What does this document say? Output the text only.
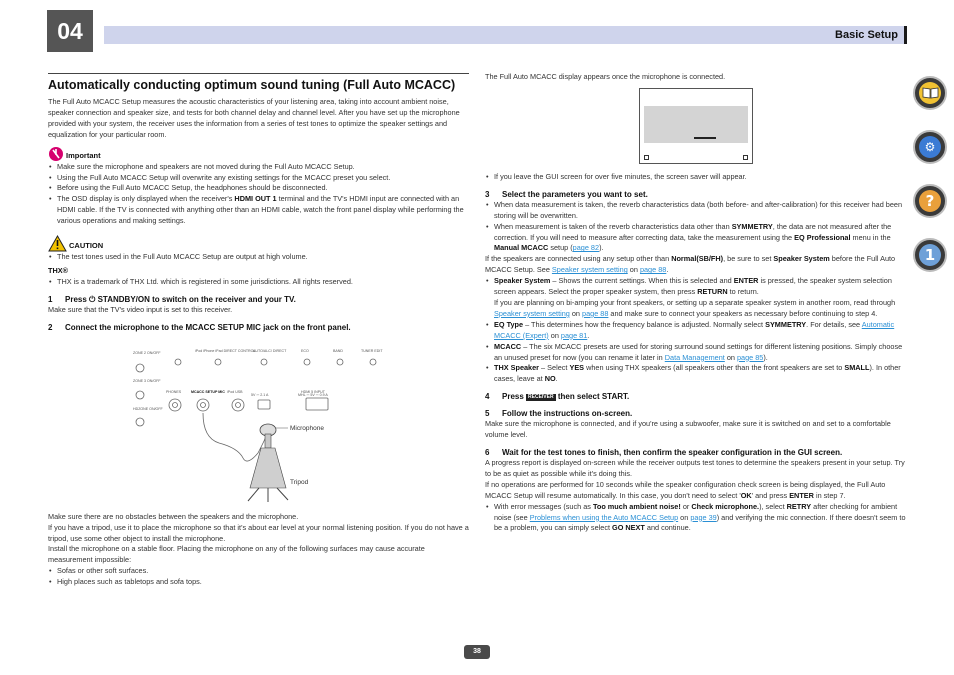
04	Basic Setup
Automatically conducting optimum sound tuning (Full Auto MCACC)

The Full Auto MCACC Setup measures the acoustic characteristics of your listening area, taking into account ambient noise, speaker connection and speaker size, and tests for both channel delay and channel level. After you have set up the microphone provided with your system, the receiver uses the information from a series of test tones to optimize the speaker settings and equalization for your particular room.

Important
• Make sure the microphone and speakers are not moved during the Full Auto MCACC Setup.
• Using the Full Auto MCACC Setup will overwrite any existing settings for the MCACC preset you select.
• Before using the Full Auto MCACC Setup, the headphones should be disconnected.
• The OSD display is only displayed when the receiver's HDMI OUT 1 terminal and the TV's HDMI input are connected with an HDMI cable. If the TV is connected with anything other than an HDMI cable, watch the front panel display while performing the various operations and making settings.
CAUTION
• The test tones used in the Full Auto MCACC Setup are output at high volume.

THX®

• THX is a trademark of THX Ltd. which is registered in some jurisdictions. All rights reserved.
1 Press ⏻ STANDBY/ON to switch on the receiver and your TV.

Make sure that the TV's video input is set to this receiver.

2 Connect the microphone to the MCACC SETUP MIC jack on the front panel.
ZONE 2 ON/OFF
ZONE 3 ON/OFF
HDZONE ON/OFF
iPod iPhone iPad DIRECT CONTROL
AUTO/ALC/ DIRECT	ECO	BAND	TUNER EDIT
PHONES	MCACC SETUP MIC iPod USB	HDMI 5 INPUT
5V ⎓ 2.1 A	MHL ⎓ 5V ⎓ 0.9 A
Microphone
Tripod

Make sure there are no obstacles between the speakers and the microphone.

If you have a tripod, use it to place the microphone so that it's about ear level at your normal listening position. If you do not have a tripod, use some other object to install the microphone.

Install the microphone on a stable floor. Placing the microphone on any of the following surfaces may cause accurate measurement impossible:

• Sofas or other soft surfaces.
• High places such as tabletops and sofa tops.

The Full Auto MCACC display appears once the microphone is connected.

• If you leave the GUI screen for over five minutes, the screen saver will appear.
3 Select the parameters you want to set.
• When data measurement is taken, the reverb characteristics data (both before- and after-calibration) for this receiver had been storing will be overwritten.
• When measurement is taken of the reverb characteristics data other than SYMMETRY, the data are not measured after the correction. If you will need to measure after correcting data, take the measurement using the EQ Professional menu in the Manual MCACC setup (page 82).

If the speakers are connected using any setup other than Normal(SB/FH), be sure to set Speaker System before the Full Auto MCACC Setup. See Speaker system setting on page 88.

• Speaker System – Shows the current settings. When this is selected and ENTER is pressed, the speaker system selection screen appears. Select the proper speaker system, then press RETURN to return.
If you are planning on bi-amping your front speakers, or setting up a separate speaker system in another room, read through Speaker system setting on page 88 and make sure to connect your speakers as necessary before continuing to step 4.
• EQ Type – This determines how the frequency balance is adjusted. Normally select SYMMETRY. For details, see Automatic MCACC (Expert) on page 81.
• MCACC – The six MCACC presets are used for storing surround sound settings for different listening positions. Simply choose an unused preset for now (you can rename it later in Data Management on page 85).
• THX Speaker – Select YES when using THX speakers (all speakers other than the front speakers are set to SMALL). In other cases, leave at NO.
4 Press RECEIVER then select START.
5 Follow the instructions on-screen.

Make sure the microphone is connected, and if you're using a subwoofer, make sure it is switched on and set to a comfortable volume level.

6 Wait for the test tones to finish, then confirm the speaker configuration in the GUI screen.

A progress report is displayed on-screen while the receiver outputs test tones to determine the speakers present in your setup. Try to be as quiet as possible while it's doing this.

If no operations are performed for 10 seconds while the speaker configuration check screen is being displayed, the Full Auto MCACC Setup will resume automatically. In this case, you don't need to select 'OK' and press ENTER in step 7.

• With error messages (such as Too much ambient noise! or Check microphone.), select RETRY after checking for ambient noise (see Problems when using the Auto MCACC Setup on page 39) and verifying the mic connection. If there doesn't seem to be a problem, you can simply select GO NEXT and continue.
38
⚙
?
1
